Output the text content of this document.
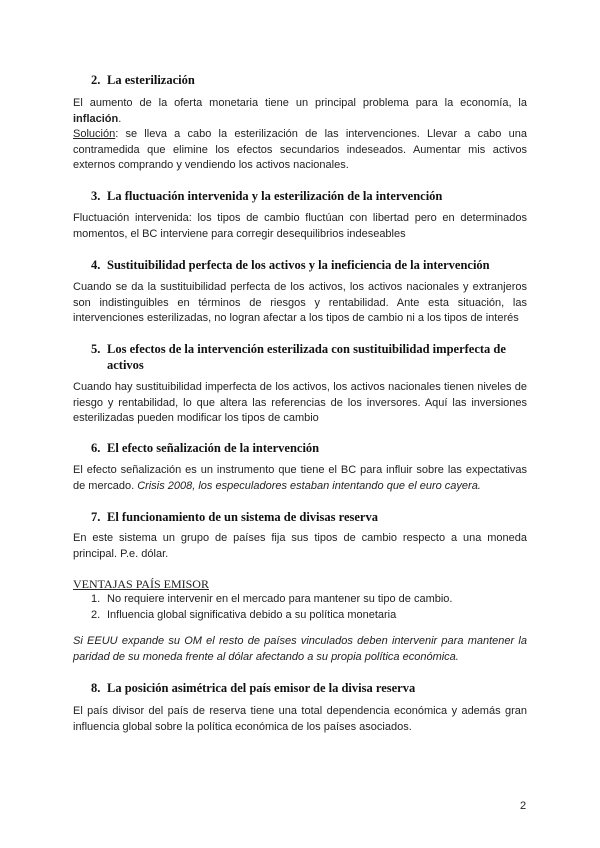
2. La esterilización
El aumento de la oferta monetaria tiene un principal problema para la economía, la
inflación.
Solución: se lleva a cabo la esterilización de las intervenciones. Llevar a cabo una
contramedida que elimine los efectos secundarios indeseados. Aumentar mis activos
externos comprando y vendiendo los activos nacionales.
3. La fluctuación intervenida y la esterilización de la intervención
Fluctuación intervenida: los tipos de cambio fluctúan con libertad pero en determinados
momentos, el BC interviene para corregir desequilibrios indeseables
4. Sustituibilidad perfecta de los activos y la ineficiencia de la intervención
Cuando se da la sustituibilidad perfecta de los activos, los activos nacionales y extranjeros
son indistinguibles en términos de riesgos y rentabilidad. Ante esta situación, las
intervenciones esterilizadas, no logran afectar a los tipos de cambio ni a los tipos de interés
5. Los efectos de la intervención esterilizada con sustituibilidad imperfecta de
activos
Cuando hay sustituibilidad imperfecta de los activos, los activos nacionales tienen niveles de
riesgo y rentabilidad, lo que altera las referencias de los inversores. Aquí las inversiones
esterilizadas pueden modificar los tipos de cambio
6. El efecto señalización de la intervención
El efecto señalización es un instrumento que tiene el BC para influir sobre las expectativas
de mercado. Crisis 2008, los especuladores estaban intentando que el euro cayera.
7. El funcionamiento de un sistema de divisas reserva
En este sistema un grupo de países fija sus tipos de cambio respecto a una moneda
principal. P.e. dólar.
VENTAJAS PAÍS EMISOR
1. No requiere intervenir en el mercado para mantener su tipo de cambio.
2. Influencia global significativa debido a su política monetaria
Si EEUU expande su OM el resto de países vinculados deben intervenir para mantener la
paridad de su moneda frente al dólar afectando a su propia política económica.
8. La posición asimétrica del país emisor de la divisa reserva
El país divisor del país de reserva tiene una total dependencia económica y además gran
influencia global sobre la política económica de los países asociados.
2
